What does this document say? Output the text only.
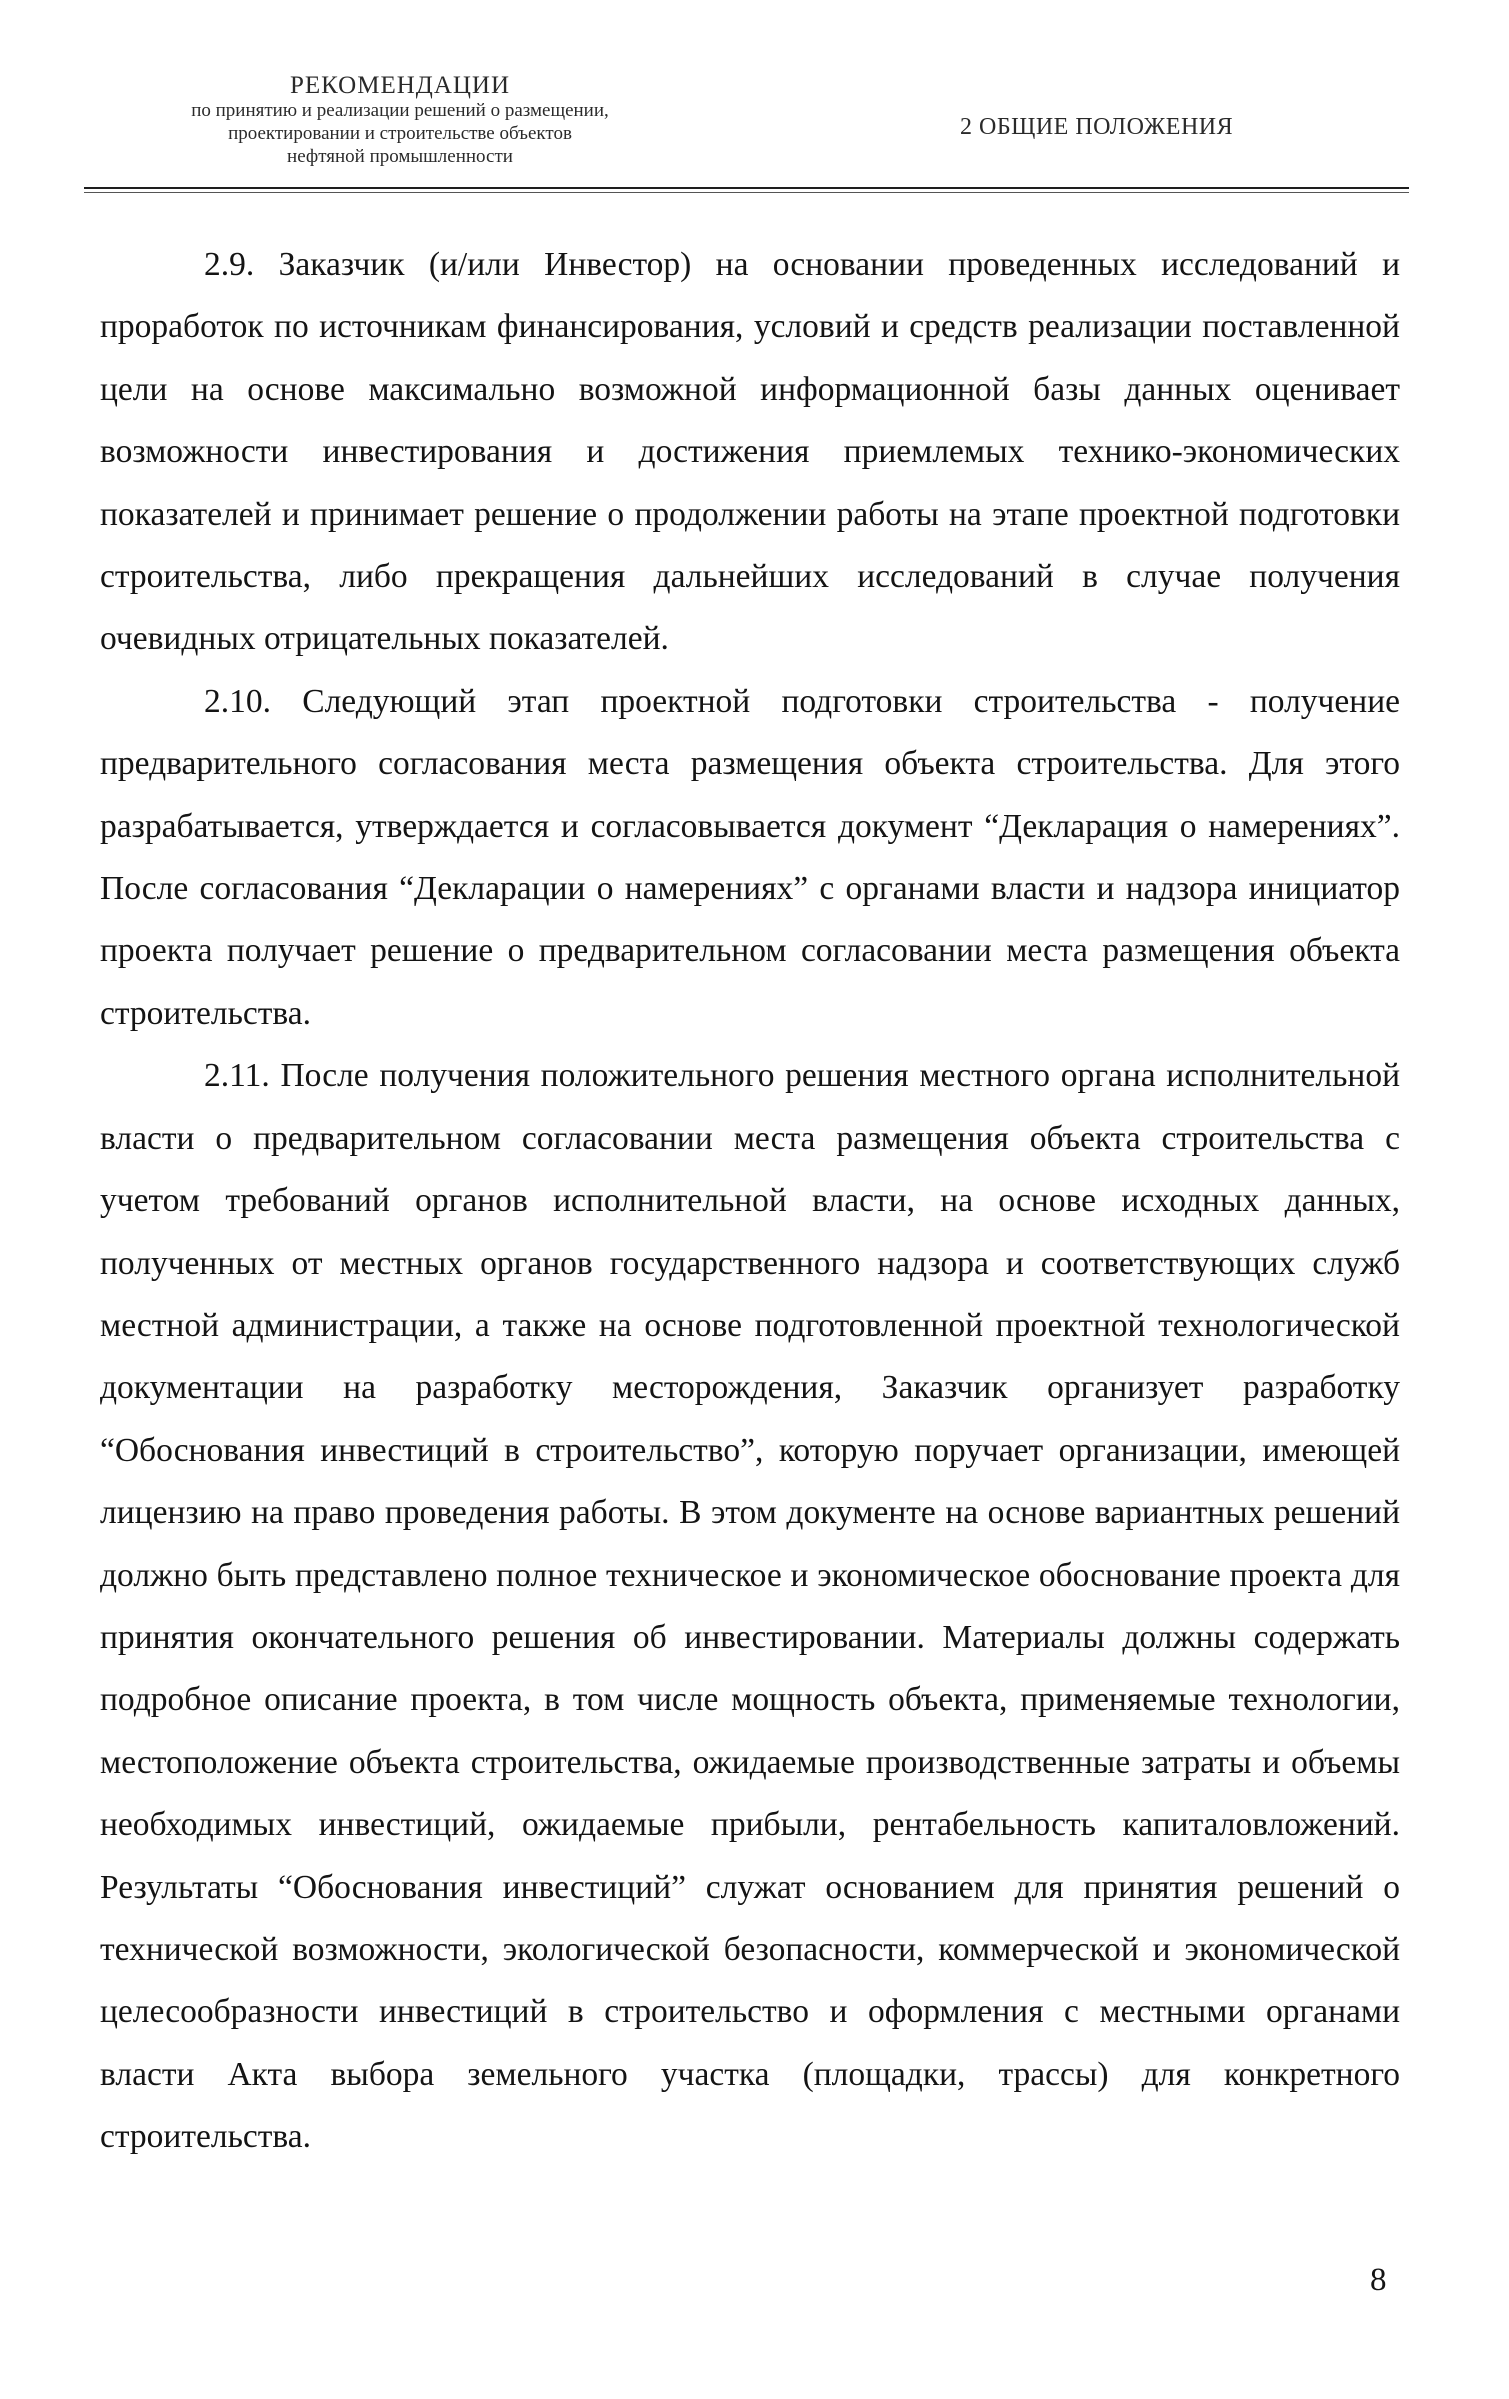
РЕКОМЕНДАЦИИ
по принятию и реализации решений о размещении,
проектировании и строительстве объектов
нефтяной промышленности
2 ОБЩИЕ ПОЛОЖЕНИЯ

2.9. Заказчик (и/или Инвестор) на основании проведенных исследований и проработок по источникам финансирования, условий и средств реализации поставленной цели на основе максимально возможной информационной базы данных оценивает возможности инвестирования и достижения приемлемых технико-экономических показателей и принимает решение о продолжении работы на этапе проектной подготовки строительства, либо прекращения дальнейших исследований в случае получения очевидных отрицательных показателей.

2.10. Следующий этап проектной подготовки строительства - получение предварительного согласования места размещения объекта строительства. Для этого разрабатывается, утверждается и согласовывается документ “Декларация о намерениях”. После согласования “Декларации о намерениях” с органами власти и надзора инициатор проекта получает решение о предварительном согласовании места размещения объекта строительства.

2.11. После получения положительного решения местного органа исполнительной власти о предварительном согласовании места размещения объекта строительства с учетом требований органов исполнительной власти, на основе исходных данных, полученных от местных органов государственного надзора и соответствующих служб местной администрации, а также на основе подготовленной проектной технологической документации на разработку месторождения, Заказчик организует разработку “Обоснования инвестиций в строительство”, которую поручает организации, имеющей лицензию на право проведения работы. В этом документе на основе вариантных решений должно быть представлено полное техническое и экономическое обоснование проекта для принятия окончательного решения об инвестировании. Материалы должны содержать подробное описание проекта, в том числе мощность объекта, применяемые технологии, местоположение объекта строительства, ожидаемые производственные затраты и объемы необходимых инвестиций, ожидаемые прибыли, рентабельность капиталовложений. Результаты “Обоснования инвестиций” служат основанием для принятия решений о технической возможности, экологической безопасности, коммерческой и экономической целесообразности инвестиций в строительство и оформления с местными органами власти Акта выбора земельного участка (площадки, трассы) для конкретного строительства.

8
